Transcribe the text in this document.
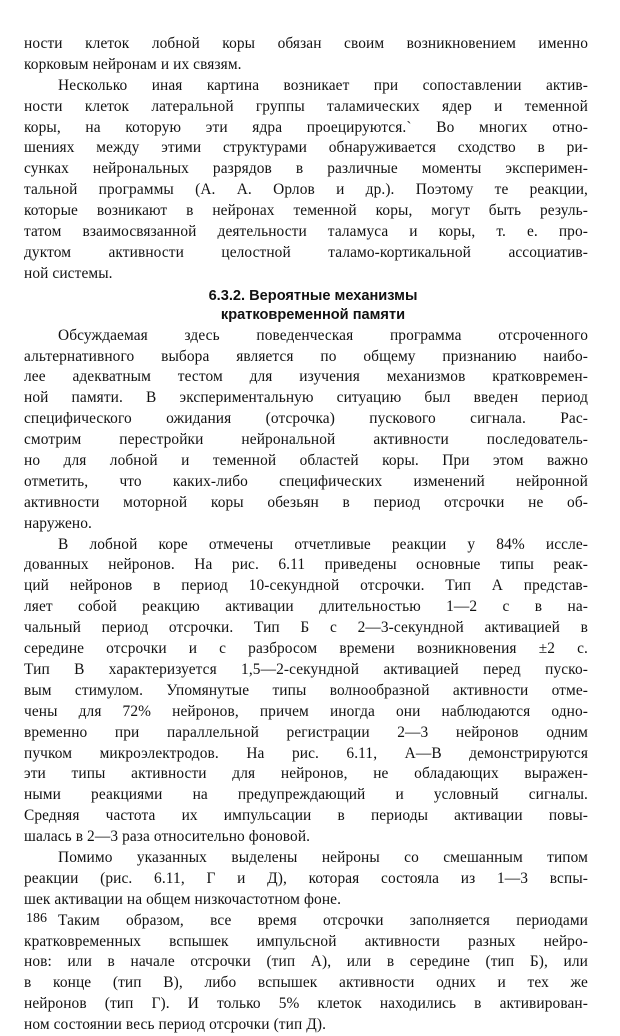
ности клеток лобной коры обязан своим возникновением именно
корковым нейронам и их связям.
Несколько иная картина возникает при сопоставлении актив-
ности клеток латеральной группы таламических ядер и теменной
коры, на которую эти ядра проецируются.` Во многих отно-
шениях между этими структурами обнаруживается сходство в ри-
сунках нейрональных разрядов в различные моменты эксперимен-
тальной программы (А. А. Орлов и др.). Поэтому те реакции,
которые возникают в нейронах теменной коры, могут быть резуль-
татом взаимосвязанной деятельности таламуса и коры, т. е. про-
дуктом активности целостной таламо-кортикальной ассоциатив-
ной системы.
6.3.2. Вероятные механизмы
кратковременной памяти
Обсуждаемая здесь поведенческая программа отсроченного
альтернативного выбора является по общему признанию наибо-
лее адекватным тестом для изучения механизмов кратковремен-
ной памяти. В экспериментальную ситуацию был введен период
специфического ожидания (отсрочка) пускового сигнала. Рас-
смотрим перестройки нейрональной активности последователь-
но для лобной и теменной областей коры. При этом важно
отметить, что каких-либо специфических изменений нейронной
активности моторной коры обезьян в период отсрочки не об-
наружено.
В лобной коре отмечены отчетливые реакции у 84% иссле-
дованных нейронов. На рис. 6.11 приведены основные типы реак-
ций нейронов в период 10-секундной отсрочки. Тип А представ-
ляет собой реакцию активации длительностью 1—2 с в на-
чальный период отсрочки. Тип Б с 2—3-секундной активацией в
середине отсрочки и с разбросом времени возникновения ±2 с.
Тип В характеризуется 1,5—2-секундной активацией перед пуско-
вым стимулом. Упомянутые типы волнообразной активности отме-
чены для 72% нейронов, причем иногда они наблюдаются одно-
временно при параллельной регистрации 2—3 нейронов одним
пучком микроэлектродов. На рис. 6.11, А—В демонстрируются
эти типы активности для нейронов, не обладающих выражен-
ными реакциями на предупреждающий и условный сигналы.
Средняя частота их импульсации в периоды активации повы-
шалась в 2—3 раза относительно фоновой.
Помимо указанных выделены нейроны со смешанным типом
реакции (рис. 6.11, Г и Д), которая состояла из 1—3 вспы-
шек активации на общем низкочастотном фоне.
Таким образом, все время отсрочки заполняется периодами
кратковременных вспышек импульсной активности разных нейро-
нов: или в начале отсрочки (тип А), или в середине (тип Б), или
в конце (тип В), либо вспышек активности одних и тех же
нейронов (тип Г). И только 5% клеток находились в активирован-
ном состоянии весь период отсрочки (тип Д).
186
